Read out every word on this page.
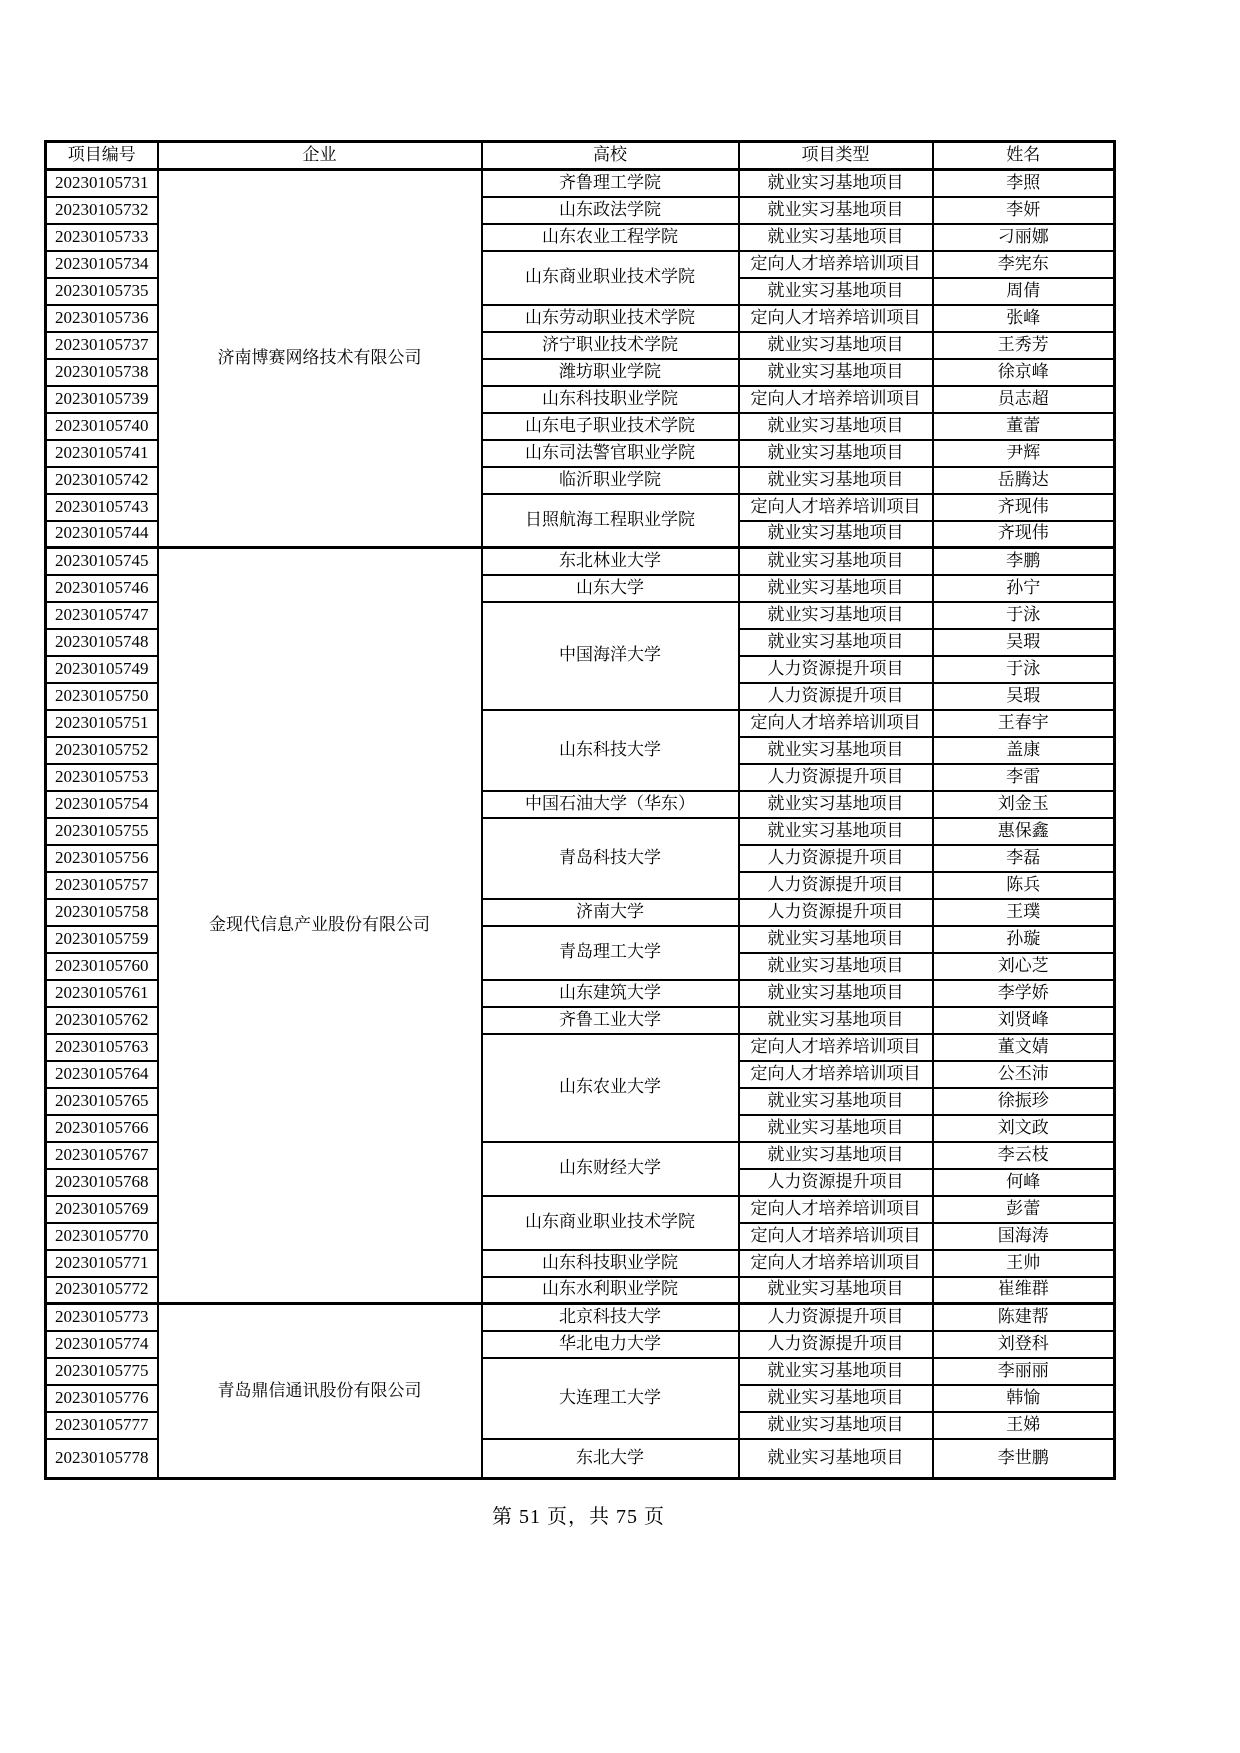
项目编号	企业	高校	项目类型	姓名
20230105731	济南博赛网络技术有限公司	齐鲁理工学院	就业实习基地项目	李照
20230105732		山东政法学院	就业实习基地项目	李妍
20230105733		山东农业工程学院	就业实习基地项目	刁丽娜
20230105734		山东商业职业技术学院	定向人才培养培训项目	李宪东
20230105735			就业实习基地项目	周倩
20230105736		山东劳动职业技术学院	定向人才培养培训项目	张峰
20230105737		济宁职业技术学院	就业实习基地项目	王秀芳
20230105738		潍坊职业学院	就业实习基地项目	徐京峰
20230105739		山东科技职业学院	定向人才培养培训项目	员志超
20230105740		山东电子职业技术学院	就业实习基地项目	董蕾
20230105741		山东司法警官职业学院	就业实习基地项目	尹辉
20230105742		临沂职业学院	就业实习基地项目	岳腾达
20230105743		日照航海工程职业学院	定向人才培养培训项目	齐现伟
20230105744			就业实习基地项目	齐现伟
20230105745	金现代信息产业股份有限公司	东北林业大学	就业实习基地项目	李鹏
20230105746		山东大学	就业实习基地项目	孙宁
20230105747		中国海洋大学	就业实习基地项目	于泳
20230105748			就业实习基地项目	吴瑕
20230105749			人力资源提升项目	于泳
20230105750			人力资源提升项目	吴瑕
20230105751		山东科技大学	定向人才培养培训项目	王春宇
20230105752			就业实习基地项目	盖康
20230105753			人力资源提升项目	李雷
20230105754		中国石油大学（华东）	就业实习基地项目	刘金玉
20230105755		青岛科技大学	就业实习基地项目	惠保鑫
20230105756			人力资源提升项目	李磊
20230105757			人力资源提升项目	陈兵
20230105758		济南大学	人力资源提升项目	王璞
20230105759		青岛理工大学	就业实习基地项目	孙璇
20230105760			就业实习基地项目	刘心芝
20230105761		山东建筑大学	就业实习基地项目	李学娇
20230105762		齐鲁工业大学	就业实习基地项目	刘贤峰
20230105763		山东农业大学	定向人才培养培训项目	董文婧
20230105764			定向人才培养培训项目	公丕沛
20230105765			就业实习基地项目	徐振珍
20230105766			就业实习基地项目	刘文政
20230105767		山东财经大学	就业实习基地项目	李云枝
20230105768			人力资源提升项目	何峰
20230105769		山东商业职业技术学院	定向人才培养培训项目	彭蕾
20230105770			定向人才培养培训项目	国海涛
20230105771		山东科技职业学院	定向人才培养培训项目	王帅
20230105772		山东水利职业学院	就业实习基地项目	崔维群
20230105773	青岛鼎信通讯股份有限公司	北京科技大学	人力资源提升项目	陈建帮
20230105774		华北电力大学	人力资源提升项目	刘登科
20230105775		大连理工大学	就业实习基地项目	李丽丽
20230105776			就业实习基地项目	韩愉
20230105777			就业实习基地项目	王娣
20230105778		东北大学	就业实习基地项目	李世鹏
第 51 页，共 75 页
